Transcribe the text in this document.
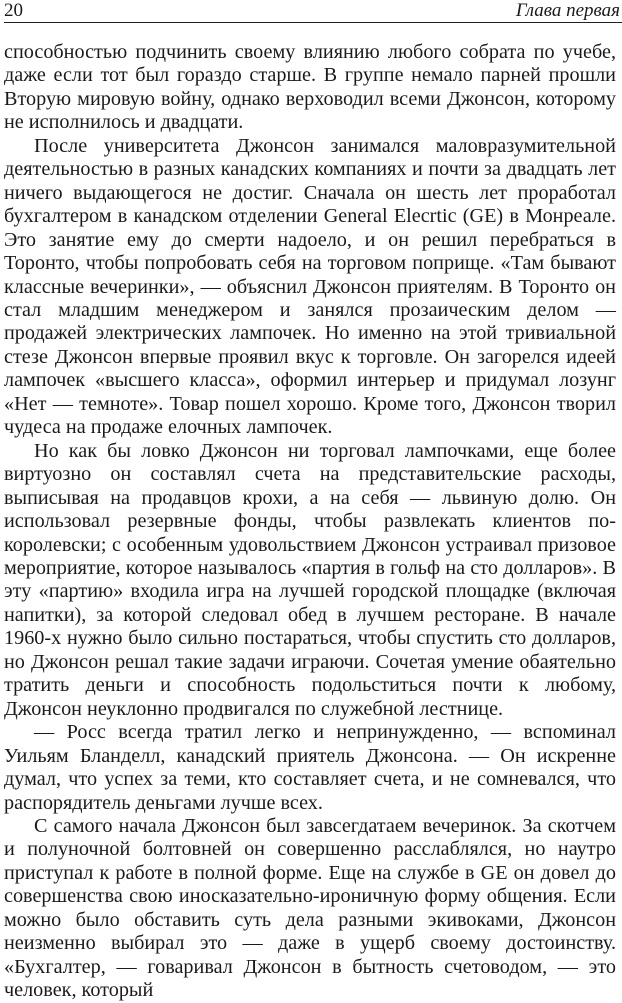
20	Глава первая

способностью подчинить своему влиянию любого собрата по учебе, даже если тот был гораздо старше. В группе немало парней прошли Вторую мировую войну, однако верховодил всеми Джонсон, которому не исполнилось и двадцати.

После университета Джонсон занимался маловразумительной деятельностью в разных канадских компаниях и почти за двадцать лет ничего выдающегося не достиг. Сначала он шесть лет проработал бухгалтером в канадском отделении General Elecrtic (GE) в Монреале. Это занятие ему до смерти надоело, и он решил перебраться в Торонто, чтобы попробовать себя на торговом поприще. «Там бывают классные вечеринки», — объяснил Джонсон приятелям. В Торонто он стал младшим менеджером и занялся прозаическим делом — продажей электрических лампочек. Но именно на этой тривиальной стезе Джонсон впервые проявил вкус к торговле. Он загорелся идеей лампочек «высшего класса», оформил интерьер и придумал лозунг «Нет — темноте». Товар пошел хорошо. Кроме того, Джонсон творил чудеса на продаже елочных лампочек.

Но как бы ловко Джонсон ни торговал лампочками, еще более виртуозно он составлял счета на представительские расходы, выписывая на продавцов крохи, а на себя — львиную долю. Он использовал резервные фонды, чтобы развлекать клиентов по-королевски; с особенным удовольствием Джонсон устраивал призовое мероприятие, которое называлось «партия в гольф на сто долларов». В эту «партию» входила игра на лучшей городской площадке (включая напитки), за которой следовал обед в лучшем ресторане. В начале 1960-х нужно было сильно постараться, чтобы спустить сто долларов, но Джонсон решал такие задачи играючи. Сочетая умение обаятельно тратить деньги и способность подольститься почти к любому, Джонсон неуклонно продвигался по служебной лестнице.

— Росс всегда тратил легко и непринужденно, — вспоминал Уильям Бланделл, канадский приятель Джонсона. — Он искренне думал, что успех за теми, кто составляет счета, и не сомневался, что распорядитель деньгами лучше всех.

С самого начала Джонсон был завсегдатаем вечеринок. За скотчем и полуночной болтовней он совершенно расслаблялся, но наутро приступал к работе в полной форме. Еще на службе в GE он довел до совершенства свою иносказательно-ироничную форму общения. Если можно было обставить суть дела разными экивоками, Джонсон неизменно выбирал это — даже в ущерб своему достоинству. «Бухгалтер, — говаривал Джонсон в бытность счетоводом, — это человек, который
